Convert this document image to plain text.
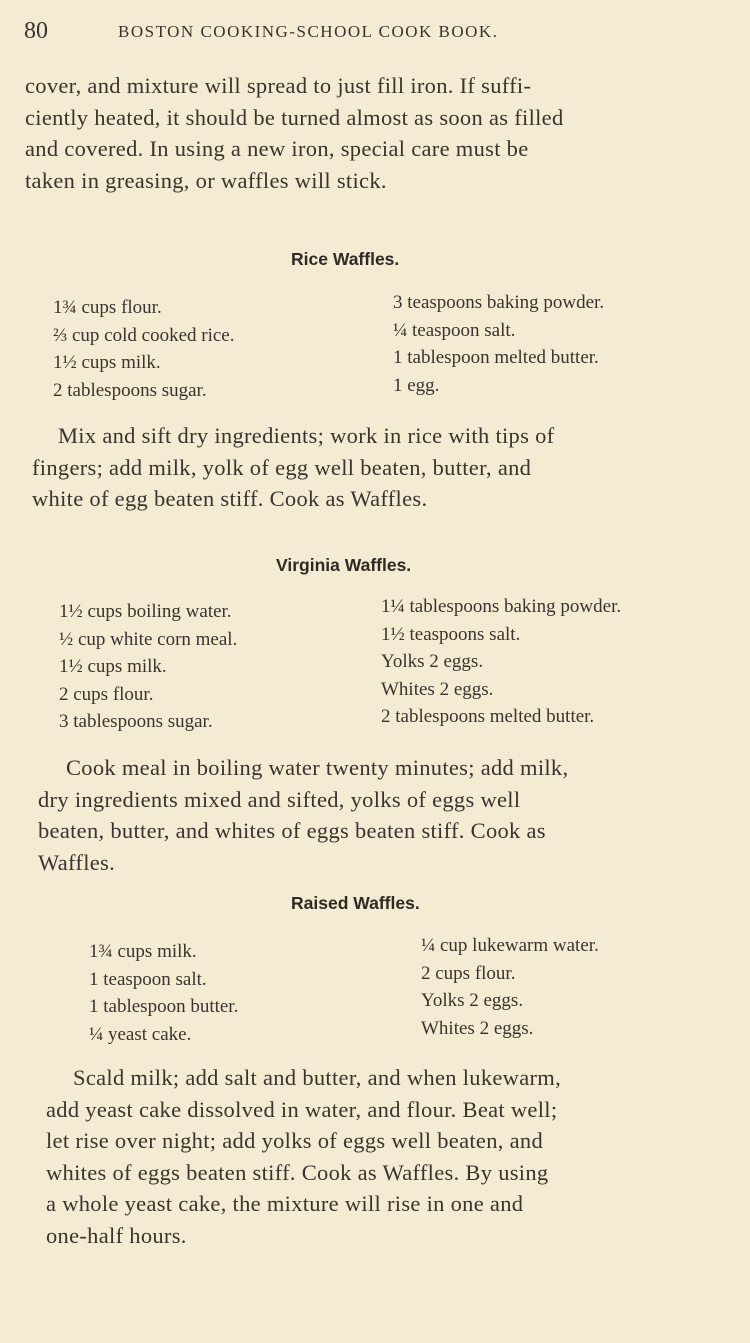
80	BOSTON COOKING-SCHOOL COOK BOOK.
cover, and mixture will spread to just fill iron. If suffi-
ciently heated, it should be turned almost as soon as filled
and covered. In using a new iron, special care must be
taken in greasing, or waffles will stick.
Rice Waffles.
1¾ cups flour.
⅔ cup cold cooked rice.
1½ cups milk.
2 tablespoons sugar.
3 teaspoons baking powder.
¼ teaspoon salt.
1 tablespoon melted butter.
1 egg.
Mix and sift dry ingredients; work in rice with tips of
fingers; add milk, yolk of egg well beaten, butter, and
white of egg beaten stiff. Cook as Waffles.
Virginia Waffles.
1½ cups boiling water.
½ cup white corn meal.
1½ cups milk.
2 cups flour.
3 tablespoons sugar.
1¼ tablespoons baking powder.
1½ teaspoons salt.
Yolks 2 eggs.
Whites 2 eggs.
2 tablespoons melted butter.
Cook meal in boiling water twenty minutes; add milk,
dry ingredients mixed and sifted, yolks of eggs well
beaten, butter, and whites of eggs beaten stiff. Cook as
Waffles.
Raised Waffles.
1¾ cups milk.
1 teaspoon salt.
1 tablespoon butter.
¼ yeast cake.
¼ cup lukewarm water.
2 cups flour.
Yolks 2 eggs.
Whites 2 eggs.
Scald milk; add salt and butter, and when lukewarm,
add yeast cake dissolved in water, and flour. Beat well;
let rise over night; add yolks of eggs well beaten, and
whites of eggs beaten stiff. Cook as Waffles. By using
a whole yeast cake, the mixture will rise in one and
one-half hours.
